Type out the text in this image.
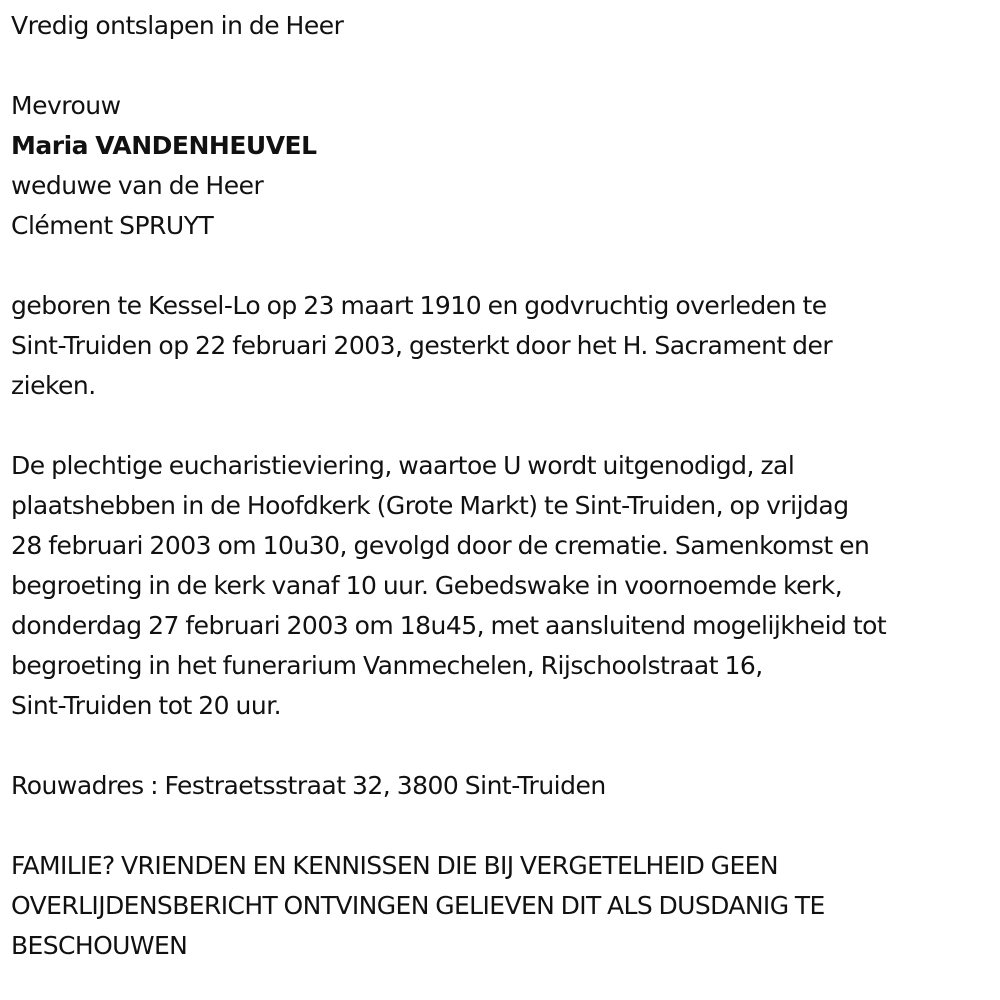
Vredig ontslapen in de Heer
Mevrouw
Maria VANDENHEUVEL
weduwe van de Heer
Clément SPRUYT
geboren te Kessel-Lo op 23 maart 1910 en godvruchtig overleden te
Sint-Truiden op 22 februari 2003, gesterkt door het H. Sacrament der
zieken.
De plechtige eucharistieviering, waartoe U wordt uitgenodigd, zal
plaatshebben in de Hoofdkerk (Grote Markt) te Sint-Truiden, op vrijdag
28 februari 2003 om 10u30, gevolgd door de crematie. Samenkomst en
begroeting in de kerk vanaf 10 uur. Gebedswake in voornoemde kerk,
donderdag 27 februari 2003 om 18u45, met aansluitend mogelijkheid tot
begroeting in het funerarium Vanmechelen, Rijschoolstraat 16,
Sint-Truiden tot 20 uur.
Rouwadres : Festraetsstraat 32, 3800 Sint-Truiden
FAMILIE? VRIENDEN EN KENNISSEN DIE BIJ VERGETELHEID GEEN
OVERLIJDENSBERICHT ONTVINGEN GELIEVEN DIT ALS DUSDANIG TE
BESCHOUWEN
